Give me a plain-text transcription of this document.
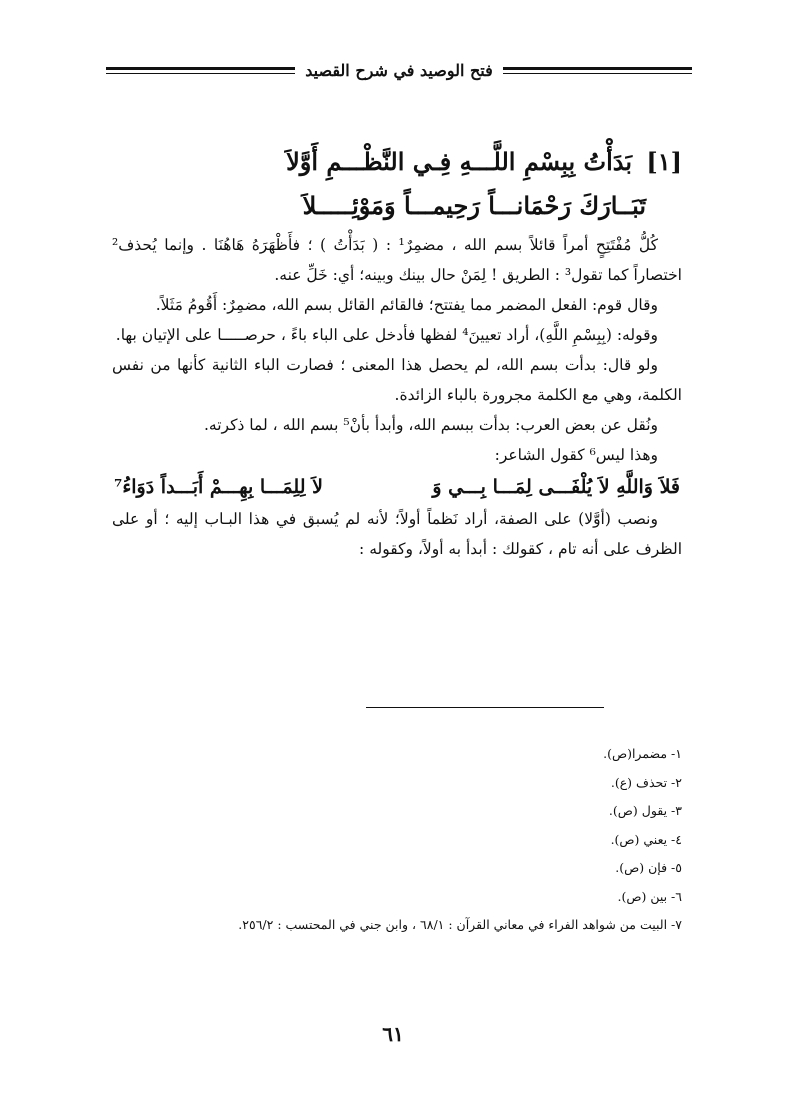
فتح الوصيد في شرح القصيد
[١] بَدَأْتُ بِبِسْمِ اللَّـــهِ فِـي النَّظْـــمِ أَوَّلاَ
تَبَــارَكَ رَحْمَانـــاً رَحِيمـــاً وَمَوْئِـــــلاَ

كُلُّ مُفْتَتِحٍ أمراً قائلاً بسم الله ، مضمِرٌ¹ : ( بَدَأْتُ ) ؛ فأَظْهَرَهُ هَاهُنَا . وإنما يُحذف² اختصاراً كما تقول³ : الطريق ! لِمَنْ حال بينك وبينه؛ أي: خَلِّ عنه.

وقال قوم: الفعل المضمر مما يفتتح؛ فالقائم القائل بسم الله، مضمِرٌ: أَقُومُ مَثَلاً.

وقوله: (بِبِسْمِ اللَّهِ)، أراد تعيينَ⁴ لفظها فأدخل على الباء باءً ، حرصـــــا على الإتيان بها.

ولو قال: بدأت بسم الله، لم يحصل هذا المعنى ؛ فصارت الباء الثانية كأنها من نفس الكلمة، وهي مع الكلمة مجرورة بالباء الزائدة.

ونُقل عن بعض العرب: بدأت ببسم الله، وأبدأ بأنْ⁵ بسم الله ، لما ذكرته.

وهذا ليس⁶ كقول الشاعر:

فَلاَ وَاللَّهِ لاَ يُلْفَـــى لِمَـــا بِـــي وَ
لاَ لِلِمَـــا بِهِـــمْ أَبَـــداً دَوَاءُ⁷

ونصب (أوَّلا) على الصفة، أراد نَظماً أولاً؛ لأنه لم يُسبق في هذا البـاب إليه ؛ أو على الظرف على أنه تام ، كقولك : أبدأ به أولاً، وكقوله :

١- مضمرا(ص).
٢- تحذف (ع).
٣- يقول (ص).
٤- يعني (ص).
٥- فإن (ص).
٦- بين (ص).
٧- البيت من شواهد الفراء في معاني القرآن : ٦٨/١ ، وابن جني في المحتسب : ٢٥٦/٢.
٦١
